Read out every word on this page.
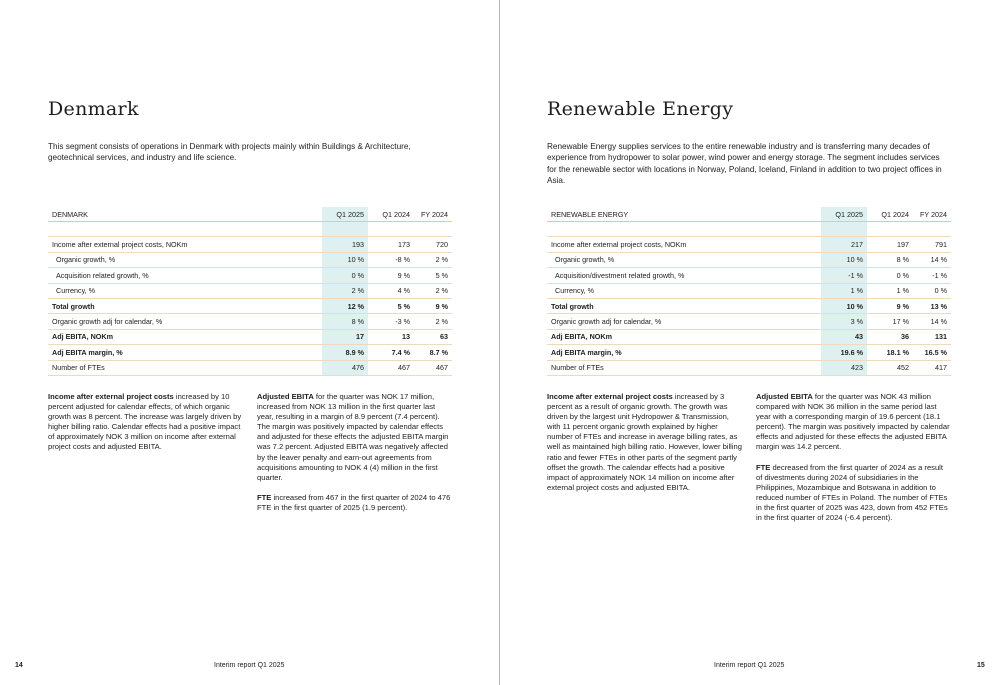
Denmark

This segment consists of operations in Denmark with projects mainly within Buildings & Architecture, geotechnical services, and industry and life science.

DENMARK	Q1 2025	Q1 2024	FY 2024

Income after external project costs, NOKm	193	173	720
Organic growth, %	10 %	-8 %	2 %
Acquisition related growth, %	0 %	9 %	5 %
Currency, %	2 %	4 %	2 %
Total growth	12 %	5 %	9 %
Organic growth adj for calendar, %	8 %	-3 %	2 %
Adj EBITA, NOKm	17	13	63
Adj EBITA margin, %	8.9 %	7.4 %	8.7 %
Number of FTEs	476	467	467

Income after external project costs increased by 10 percent adjusted for calendar effects, of which organic growth was 8 percent. The increase was largely driven by higher billing ratio. Calendar effects had a positive impact of approximately NOK 3 million on income after external project costs and adjusted EBITA.

Adjusted EBITA for the quarter was NOK 17 million, increased from NOK 13 million in the first quarter last year, resulting in a margin of 8.9 percent (7.4 percent). The margin was positively impacted by calendar effects and adjusted for these effects the adjusted EBITA margin was 7.2 percent. Adjusted EBITA was negatively affected by the leaver penalty and earn-out agreements from acquisitions amounting to NOK 4 (4) million in the first quarter.

FTE increased from 467 in the first quarter of 2024 to 476 FTE in the first quarter of 2025 (1.9 percent).

14	Interim report Q1 2025
Renewable Energy

Renewable Energy supplies services to the entire renewable industry and is transferring many decades of experience from hydropower to solar power, wind power and energy storage. The segment includes services for the renewable sector with locations in Norway, Poland, Iceland, Finland in addition to two project offices in Asia.

RENEWABLE ENERGY	Q1 2025	Q1 2024	FY 2024

Income after external project costs, NOKm	217	197	791
Organic growth, %	10 %	8 %	14 %
Acquisition/divestment related growth, %	-1 %	0 %	-1 %
Currency, %	1 %	1 %	0 %
Total growth	10 %	9 %	13 %
Organic growth adj for calendar, %	3 %	17 %	14 %
Adj EBITA, NOKm	43	36	131
Adj EBITA margin, %	19.6 %	18.1 %	16.5 %
Number of FTEs	423	452	417

Income after external project costs increased by 3 percent as a result of organic growth. The growth was driven by the largest unit Hydropower & Transmission, with 11 percent organic growth explained by higher number of FTEs and increase in average billing rates, as well as maintained high billing ratio. However, lower billing ratio and fewer FTEs in other parts of the segment partly offset the growth. The calendar effects had a positive impact of approximately NOK 14 million on income after external project costs and adjusted EBITA.

Adjusted EBITA for the quarter was NOK 43 million compared with NOK 36 million in the same period last year with a corresponding margin of 19.6 percent (18.1 percent). The margin was positively impacted by calendar effects and adjusted for these effects the adjusted EBITA margin was 14.2 percent.

FTE decreased from the first quarter of 2024 as a result of divestments during 2024 of subsidiaries in the Philippines, Mozambique and Botswana in addition to reduced number of FTEs in Poland. The number of FTEs in the first quarter of 2025 was 423, down from 452 FTEs in the first quarter of 2024 (-6.4 percent).

Interim report Q1 2025	15
